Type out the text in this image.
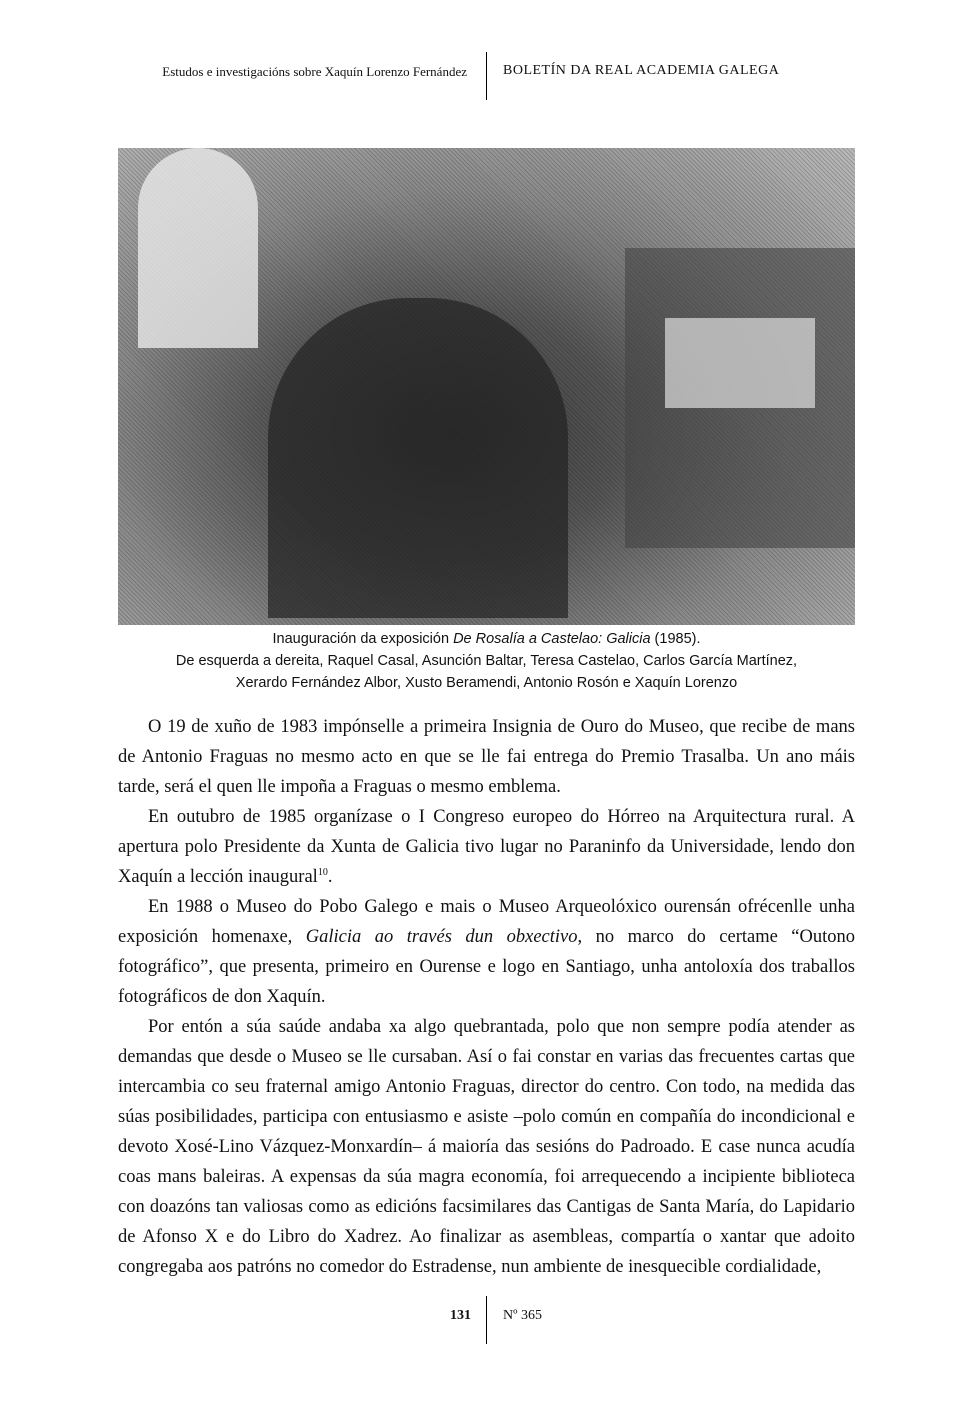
Estudos e investigacións sobre Xaquín Lorenzo Fernández	BOLETÍN DA REAL ACADEMIA GALEGA
Inauguración da exposición De Rosalía a Castelao: Galicia (1985).
De esquerda a dereita, Raquel Casal, Asunción Baltar, Teresa Castelao, Carlos García Martínez,
Xerardo Fernández Albor, Xusto Beramendi, Antonio Rosón e Xaquín Lorenzo

O 19 de xuño de 1983 impónselle a primeira Insignia de Ouro do Museo, que recibe de mans de Antonio Fraguas no mesmo acto en que se lle fai entrega do Premio Trasalba. Un ano máis tarde, será el quen lle impoña a Fraguas o mesmo emblema.

En outubro de 1985 organízase o I Congreso europeo do Hórreo na Arquitectura rural. A apertura polo Presidente da Xunta de Galicia tivo lugar no Paraninfo da Universidade, lendo don Xaquín a lección inaugural$^{10}$.

En 1988 o Museo do Pobo Galego e mais o Museo Arqueolóxico ourensán ofrécenlle unha exposición homenaxe, Galicia ao través dun obxectivo, no marco do certame “Outono fotográfico”, que presenta, primeiro en Ourense e logo en Santiago, unha antoloxía dos traballos fotográficos de don Xaquín.

Por entón a súa saúde andaba xa algo quebrantada, polo que non sempre podía atender as demandas que desde o Museo se lle cursaban. Así o fai constar en varias das frecuentes cartas que intercambia co seu fraternal amigo Antonio Fraguas, director do centro. Con todo, na medida das súas posibilidades, participa con entusiasmo e asiste –polo común en compañía do incondicional e devoto Xosé-Lino Vázquez-Monxardín– á maioría das sesións do Padroado. E case nunca acudía coas mans baleiras. A expensas da súa magra economía, foi arrequecendo a incipiente biblioteca con doazóns tan valiosas como as edicións facsimilares das Cantigas de Santa María, do Lapidario de Afonso X e do Libro do Xadrez. Ao finalizar as asembleas, compartía o xantar que adoito congregaba aos patróns no comedor do Estradense, nun ambiente de inesquecible cordialidade,

131 Nº 365
